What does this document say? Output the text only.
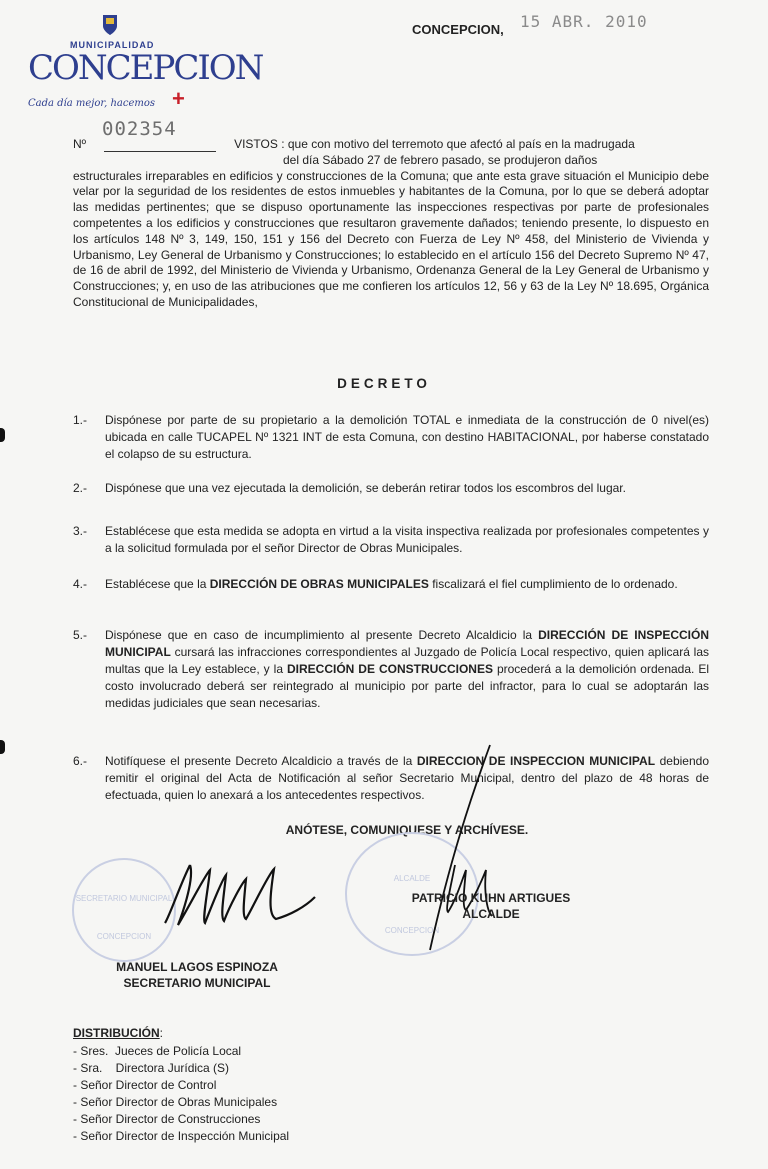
MUNICIPALIDAD
CONCEPCION
Cada día mejor, hacemos +
CONCEPCION, 15 ABR. 2010
002354
Nº	VISTOS : que con motivo del terremoto que afectó al país en la madrugada
del día Sábado 27 de febrero pasado, se produjeron daños
estructurales irreparables en edificios y construcciones de la Comuna; que ante esta grave situación el Municipio debe velar por la seguridad de los residentes de estos inmuebles y habitantes de la Comuna, por lo que se deberá adoptar las medidas pertinentes; que se dispuso oportunamente las inspecciones respectivas por parte de profesionales competentes a los edificios y construcciones que resultaron gravemente dañados; teniendo presente, lo dispuesto en los artículos 148 Nº 3, 149, 150, 151 y 156 del Decreto con Fuerza de Ley Nº 458, del Ministerio de Vivienda y Urbanismo, Ley General de Urbanismo y Construcciones; lo establecido en el artículo 156 del Decreto Supremo Nº 47, de 16 de abril de 1992, del Ministerio de Vivienda y Urbanismo, Ordenanza General de la Ley General de Urbanismo y Construcciones; y, en uso de las atribuciones que me confieren los artículos 12, 56 y 63 de la Ley Nº 18.695, Orgánica Constitucional de Municipalidades,
DECRETO
1.- Dispónese por parte de su propietario a la demolición TOTAL e inmediata de la construcción de 0 nivel(es) ubicada en calle TUCAPEL Nº 1321 INT de esta Comuna, con destino HABITACIONAL, por haberse constatado el colapso de su estructura.
2.- Dispónese que una vez ejecutada la demolición, se deberán retirar todos los escombros del lugar.
3.- Establécese que esta medida se adopta en virtud a la visita inspectiva realizada por profesionales competentes y a la solicitud formulada por el señor Director de Obras Municipales.
4.- Establécese que la DIRECCIÓN DE OBRAS MUNICIPALES fiscalizará el fiel cumplimiento de lo ordenado.
5.- Dispónese que en caso de incumplimiento al presente Decreto Alcaldicio la DIRECCIÓN DE INSPECCIÓN MUNICIPAL cursará las infracciones correspondientes al Juzgado de Policía Local respectivo, quien aplicará las multas que la Ley establece, y la DIRECCIÓN DE CONSTRUCCIONES procederá a la demolición ordenada. El costo involucrado deberá ser reintegrado al municipio por parte del infractor, para lo cual se adoptarán las medidas judiciales que sean necesarias.
6.- Notifíquese el presente Decreto Alcaldicio a través de la DIRECCION DE INSPECCION MUNICIPAL debiendo remitir el original del Acta de Notificación al señor Secretario Municipal, dentro del plazo de 48 horas de efectuada, quien lo anexará a los antecedentes respectivos.
ANÓTESE, COMUNIQUESE Y ARCHÍVESE.
SECRETARIO MUNICIPAL
CONCEPCION
ALCALDE
CONCEPCION
PATRICIO KUHN ARTIGUES
ALCALDE
MANUEL LAGOS ESPINOZA
SECRETARIO MUNICIPAL
DISTRIBUCIÓN:
- Sres.  Jueces de Policía Local
- Sra.    Directora Jurídica (S)
- Señor Director de Control
- Señor Director de Obras Municipales
- Señor Director de Construcciones
- Señor Director de Inspección Municipal
